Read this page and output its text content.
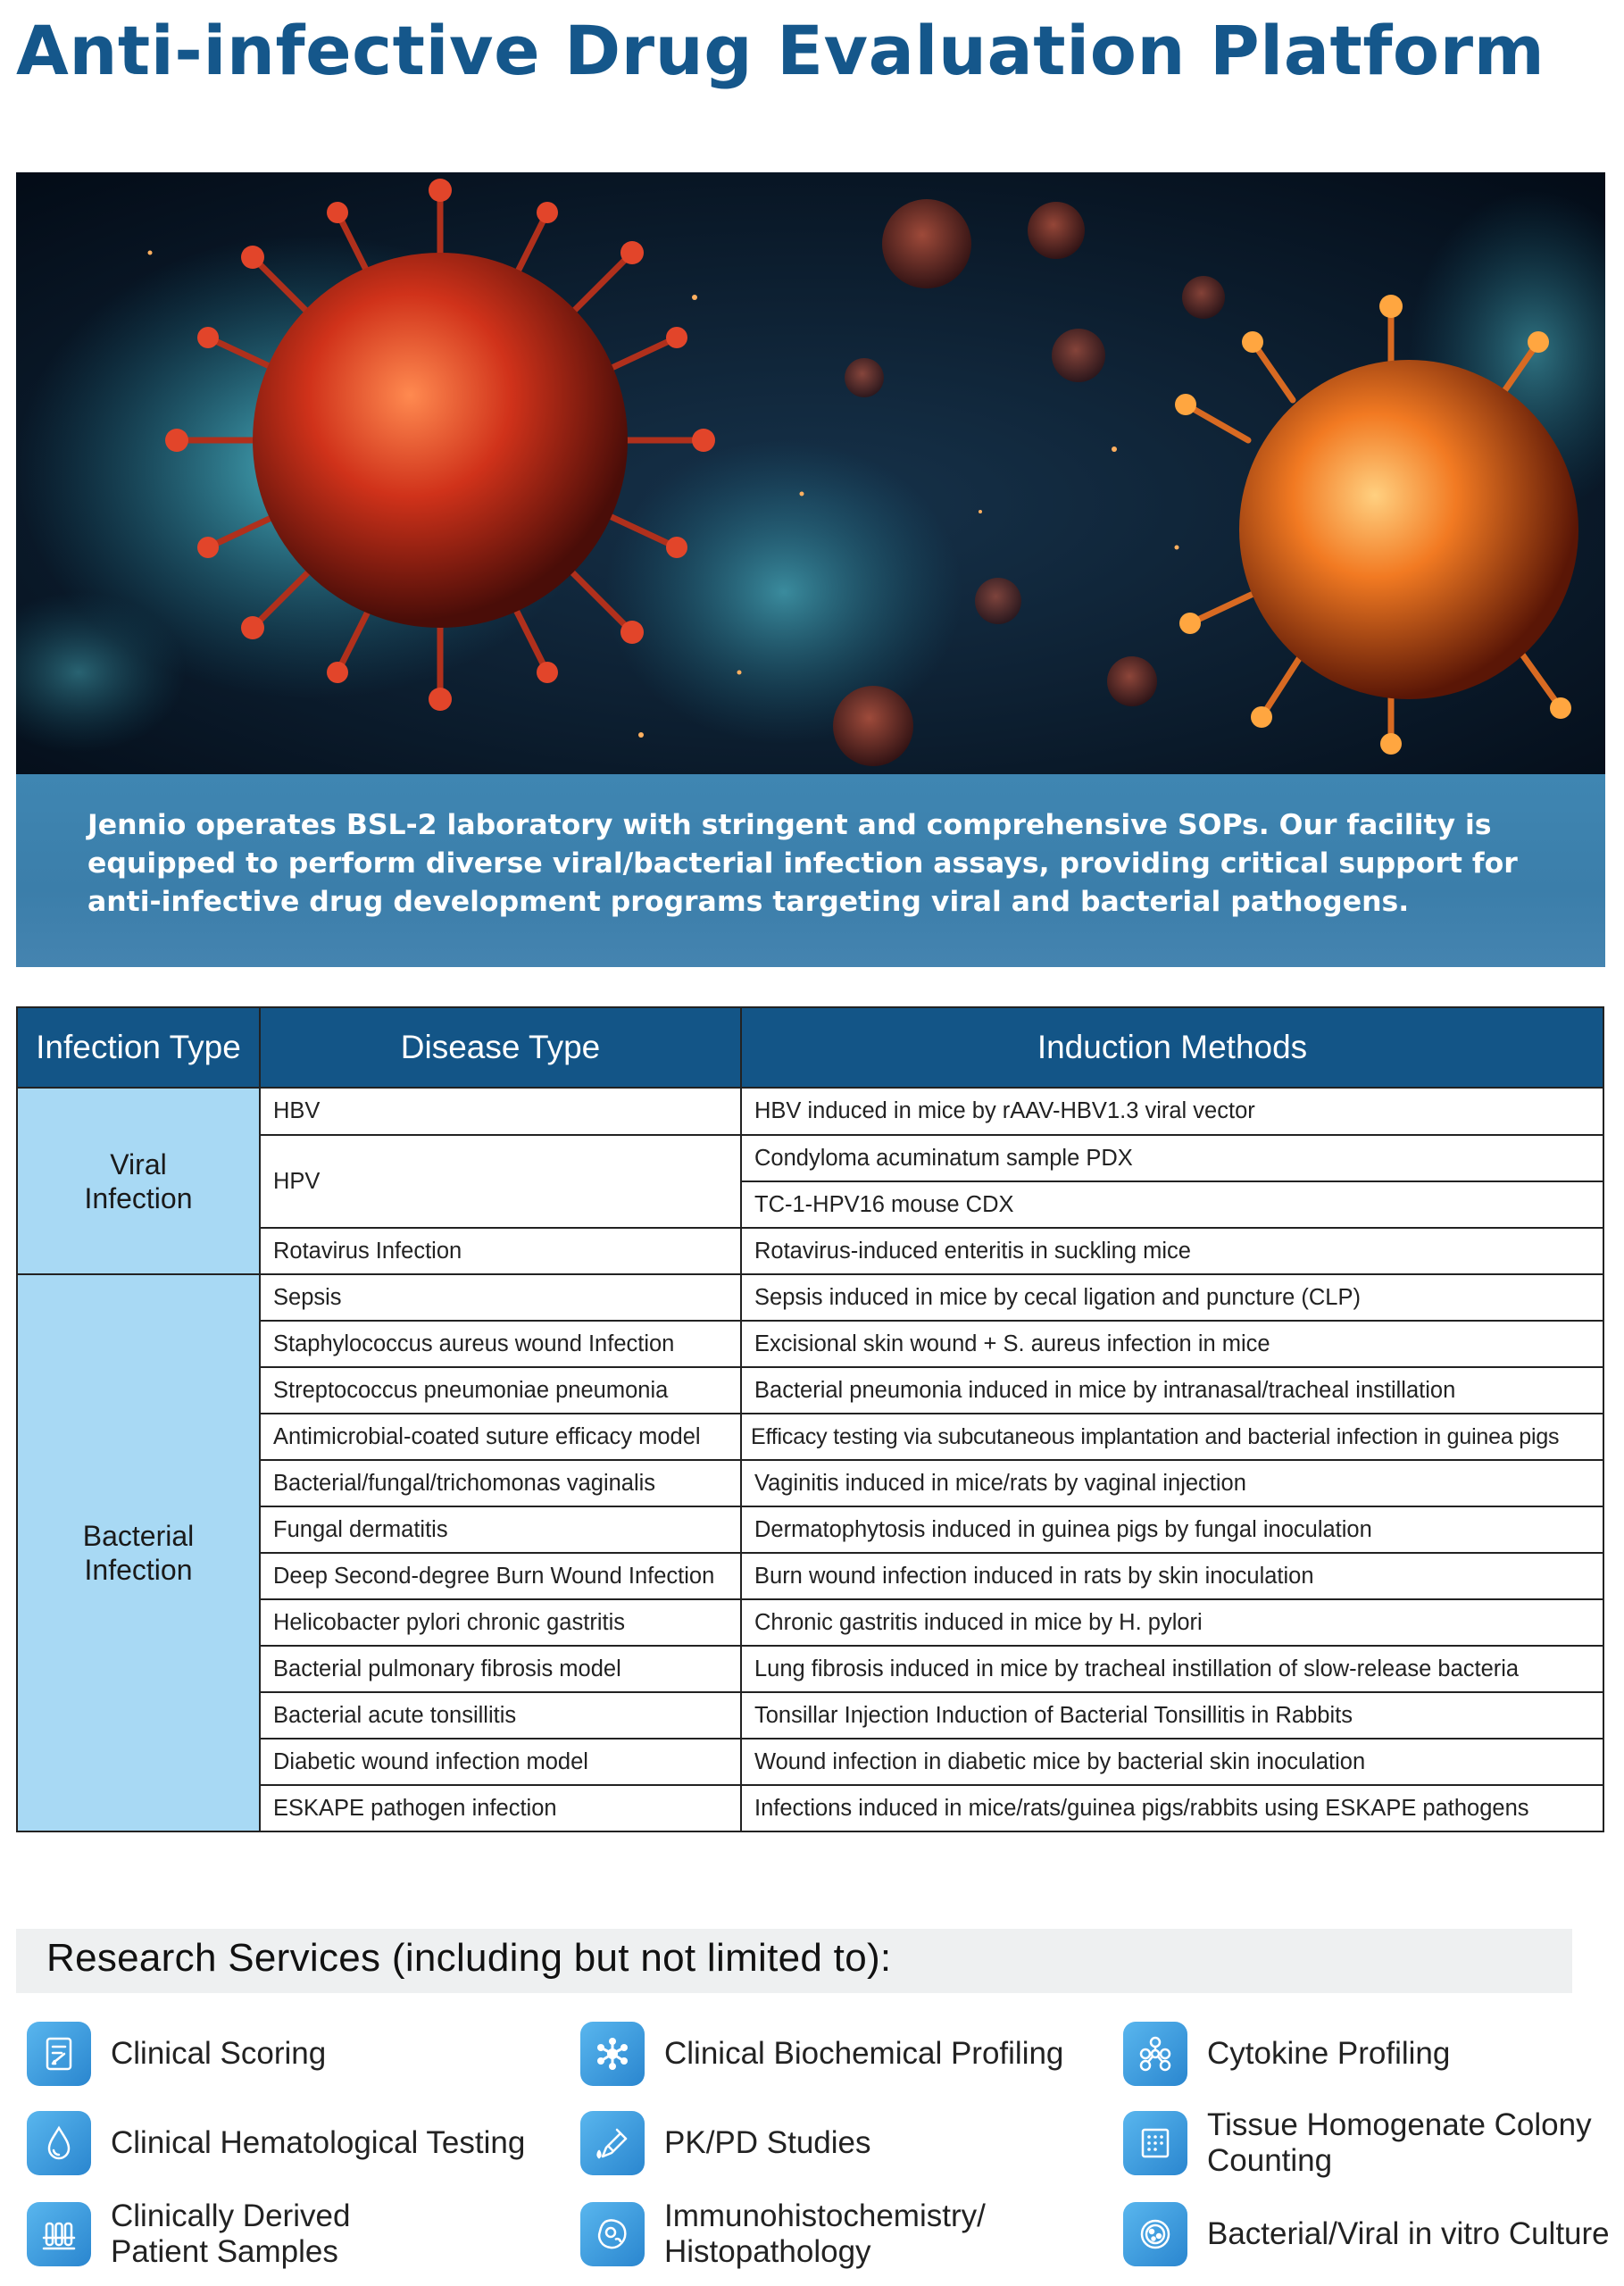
Anti-infective Drug Evaluation Platform

Jennio operates BSL-2 laboratory with stringent and comprehensive SOPs. Our facility is equipped to perform diverse viral/bacterial infection assays, providing critical support for anti-infective drug development programs targeting viral and bacterial pathogens.

Infection Type	Disease Type	Induction Methods

Viral Infection	HBV	HBV induced in mice by rAAV-HBV1.3 viral vector
	HPV	Condyloma acuminatum sample PDX
		TC-1-HPV16 mouse CDX
	Rotavirus Infection	Rotavirus-induced enteritis in suckling mice

Bacterial Infection	Sepsis	Sepsis induced in mice by cecal ligation and puncture (CLP)
	Staphylococcus aureus wound Infection	Excisional skin wound + S. aureus infection in mice
	Streptococcus pneumoniae pneumonia	Bacterial pneumonia induced in mice by intranasal/tracheal instillation
	Antimicrobial-coated suture efficacy model	Efficacy testing via subcutaneous implantation and bacterial infection in guinea pigs
	Bacterial/fungal/trichomonas vaginalis	Vaginitis induced in mice/rats by vaginal injection
	Fungal dermatitis	Dermatophytosis induced in guinea pigs by fungal inoculation
	Deep Second-degree Burn Wound Infection	Burn wound infection induced in rats by skin inoculation
	Helicobacter pylori chronic gastritis	Chronic gastritis induced in mice by H. pylori
	Bacterial pulmonary fibrosis model	Lung fibrosis induced in mice by tracheal instillation of slow-release bacteria
	Bacterial acute tonsillitis	Tonsillar Injection Induction of Bacterial Tonsillitis in Rabbits
	Diabetic wound infection model	Wound infection in diabetic mice by bacterial skin inoculation
	ESKAPE pathogen infection	Infections induced in mice/rats/guinea pigs/rabbits using ESKAPE pathogens
Research Services (including but not limited to):
Clinical Scoring	Clinical Biochemical Profiling	Cytokine Profiling
Clinical Hematological Testing	PK/PD Studies
Tissue Homogenate Colony
Counting
Clinically Derived
Patient Samples
Immunohistochemistry/
Histopathology
Bacterial/Viral in vitro Culture
